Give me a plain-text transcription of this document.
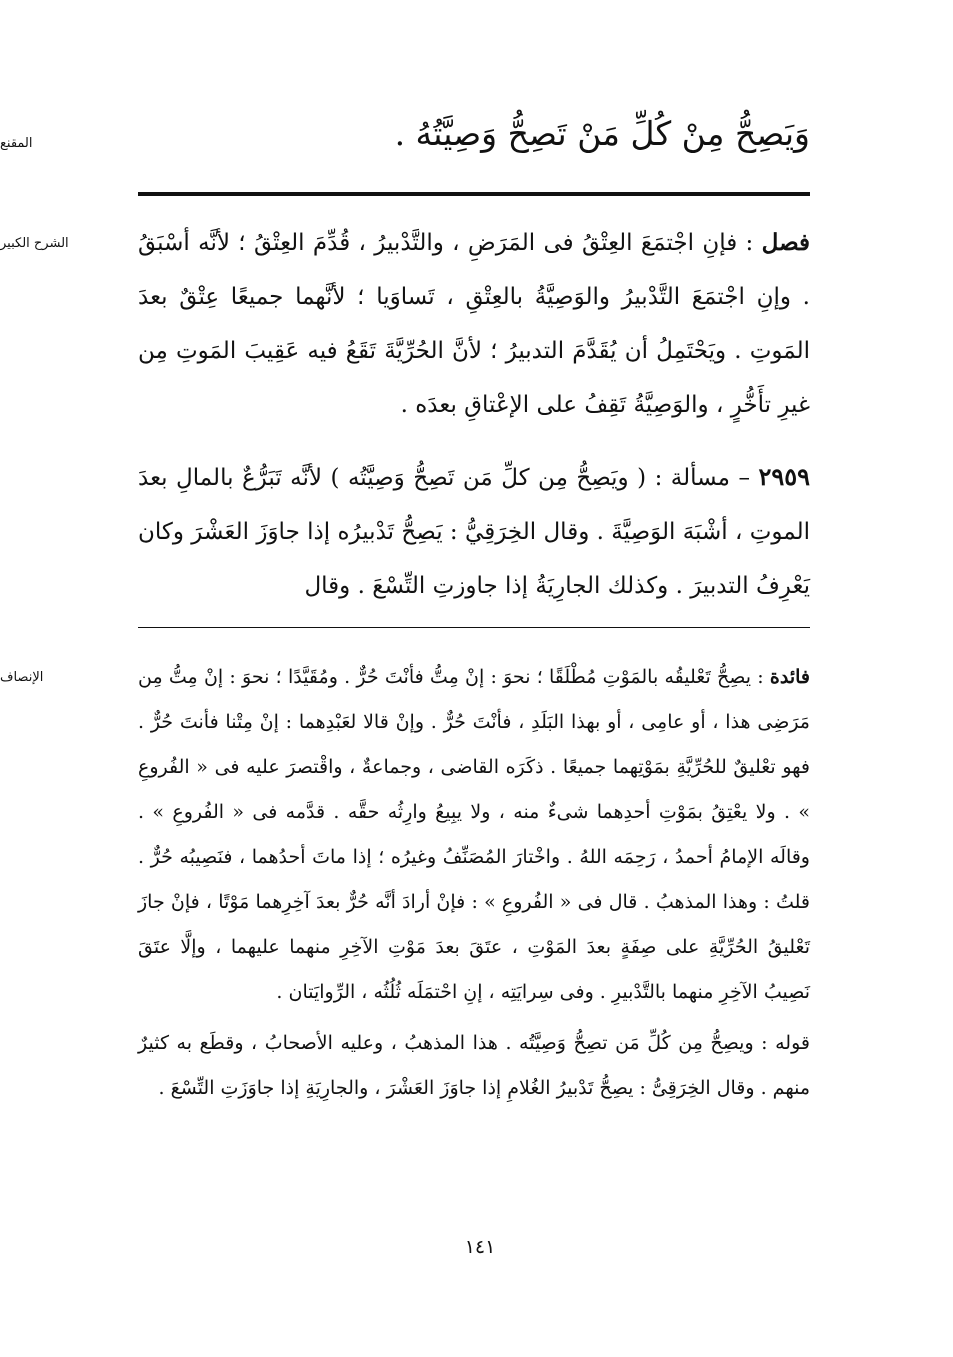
المقنع
الشرح الكبير
الإنصاف
وَيَصِحُّ مِنْ كُلِّ مَنْ تَصِحُّ وَصِيَّتُهُ .

فصل : فإنِ اجْتمَعَ العِتْقُ فى المَرَضِ ، والتَّدْبيرُ ، قُدِّمَ العِتْقُ ؛ لأنَّه أسْبَقُ . وإنِ اجْتمَعَ التَّدْبيرُ والوَصِيَّةُ بالعِتْقِ ، تَساوَيا ؛ لأنَّهما جميعًا عِتْقٌ بعدَ المَوتِ . ويَحْتَمِلُ أن يُقَدَّمَ التدبيرُ ؛ لأنَّ الحُرِّيَّةَ تَقَعُ فيه عَقِيبَ المَوتِ مِن غيرِ تأَخُّرٍ ، والوَصِيَّةُ تَقِفُ على الإعْتاقِ بعدَه .

٢٩٥٩ – مسألة : ( ويَصِحُّ مِن كلِّ مَن تَصِحُّ وَصِيَّتُه ) لأنَّه تَبَرُّعٌ بالمالِ بعدَ الموتِ ، أشْبَهَ الوَصِيَّةَ . وقال الخِرَقِيُّ : يَصِحُّ تَدْبيرُه إذا جاوَزَ العَشْرَ وكان يَعْرِفُ التدبيرَ . وكذلك الجارِيَةُ إذا جاوزتِ التِّسْعَ . وقال

فائدة : يصِحُّ تَعْليقُه بالمَوْتِ مُطْلَقًا ؛ نحوَ : إنْ مِتُّ فأنْتَ حُرٌّ . ومُقَيَّدًا ؛ نحوَ : إنْ مِتُّ مِن مَرَضِى هذا ، أو عامِى ، أو بهذا البَلَدِ ، فأنْتَ حُرٌّ . وإنْ قالا لعَبْدِهما : إنْ مِتْنا فأنتَ حُرٌّ . فهو تعْليقٌ للحُرِّيَّةِ بمَوْتِهما جميعًا . ذكَرَه القاضى ، وجماعةٌ ، واقْتصرَ عليه فى « الفُروعِ » . ولا يعْتِقُ بمَوْتِ أحدِهما شىءٌ منه ، ولا يبِيعُ وارِثُه حقَّه . قدَّمه فى « الفُروعِ » . وقالَه الإمامُ أحمدُ ، رَحِمَه اللهُ . واخْتارَ المُصَنِّفُ وغيرُه ؛ إذا ماتَ أحدُهما ، فنَصِيبُه حُرٌّ . قلتُ : وهذا المذهبُ . قال فى « الفُروعِ » : فإنْ أرادَ أنَّه حُرٌّ بعدَ آخِرِهما مَوْتًا ، فإنْ جازَ تَعْليقُ الحُرِّيَّةِ على صِفَةٍ بعدَ المَوْتِ ، عتَقَ بعدَ مَوْتِ الآخِرِ منهما عليهما ، وإلَّا عتَقَ نَصِيبُ الآخِرِ منهما بالتَّدْبيرِ . وفى سِرايَتِه ، إنِ احْتمَلَه ثُلُثُه ، الرِّوايَتان .

قوله : ويصِحُّ مِن كُلِّ مَن تصِحُّ وَصِيَّتُه . هذا المذهبُ ، وعليه الأصحابُ ، وقطَع به كثيرٌ منهم . وقال الخِرَقِىُّ : يصِحُّ تَدْبيرُ الغُلامِ إذا جاوَزَ العَشْرَ ، والجارِيَةِ إذا جاوَزَتِ التِّسْعَ .

١٤١
